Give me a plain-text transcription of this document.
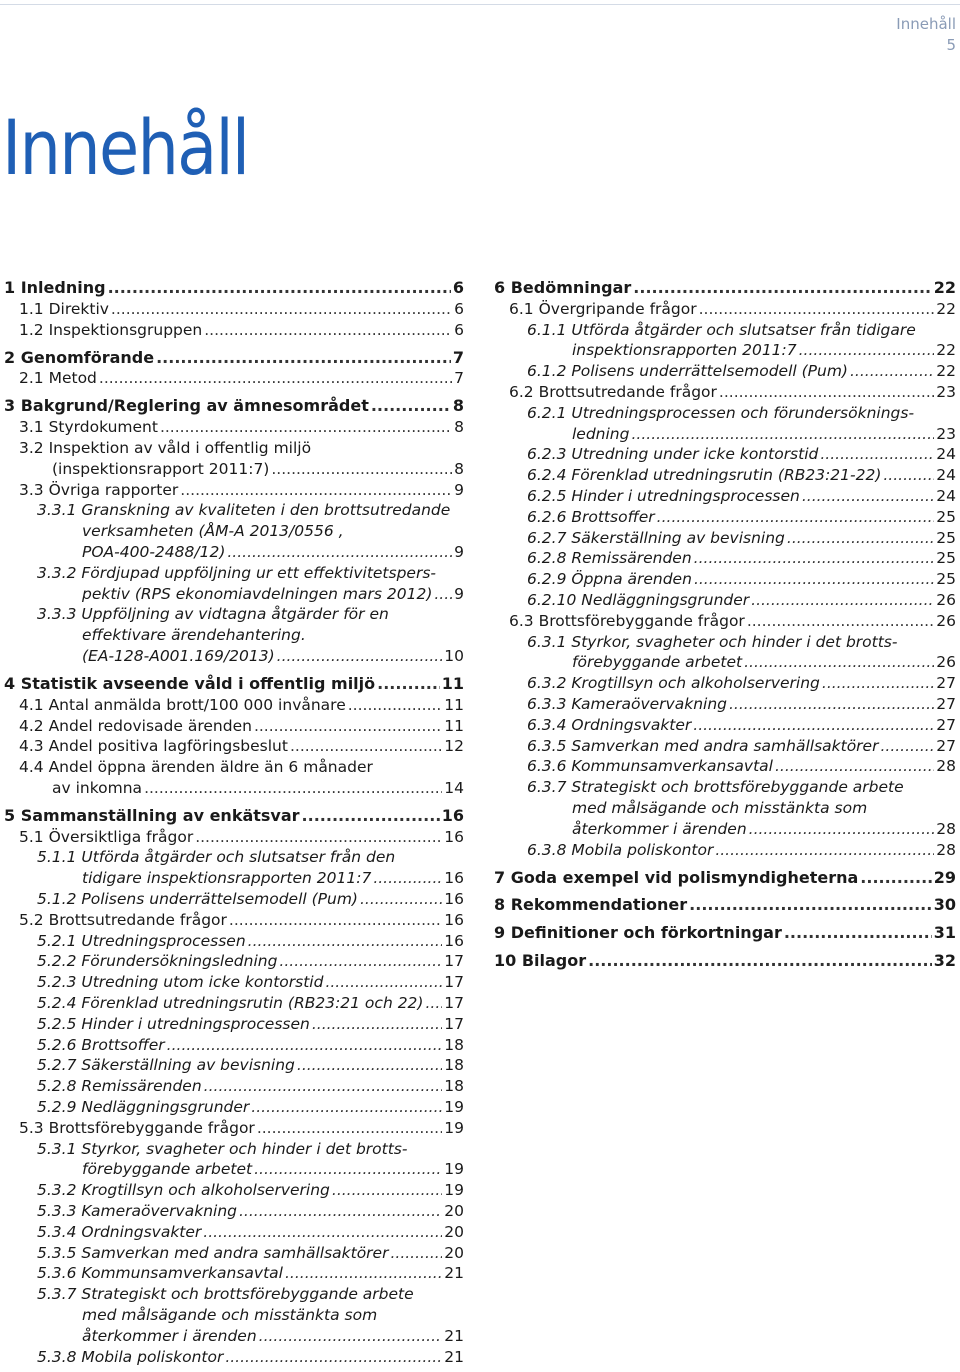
Innehåll
5
Innehåll
1 Inledning .....	6
1.1 Direktiv .....	6
1.2 Inspektionsgruppen .....	6
2 Genomförande .....	7
2.1 Metod .....	7
3 Bakgrund/Reglering av ämnesområdet .....	8
3.1 Styrdokument .....	8
3.2 Inspektion av våld i offentlig miljö
(inspektionsrapport 2011:7) .....	8
3.3 Övriga rapporter .....	9
3.3.1 Granskning av kvaliteten i den brottsutredande
verksamheten (ÅM-A 2013/0556 ,
POA-400-2488/12) .....	9
3.3.2 Fördjupad uppföljning ur ett effektivitetspers-
pektiv (RPS ekonomiavdelningen mars 2012) ..... 9
3.3.3 Uppföljning av vidtagna åtgärder för en
effektivare ärendehantering.
(EA-128-A001.169/2013) .....	10
4 Statistik avseende våld i offentlig miljö .....	11
4.1 Antal anmälda brott/100 000 invånare .....	11
4.2 Andel redovisade ärenden .....	11
4.3 Andel positiva lagföringsbeslut .....	12
4.4 Andel öppna ärenden äldre än 6 månader
av inkomna .....	14
5 Sammanställning av enkätsvar .....	16
5.1 Översiktliga frågor .....	16
5.1.1 Utförda åtgärder och slutsatser från den
tidigare inspektionsrapporten 2011:7 .....	16
5.1.2 Polisens underrättelsemodell (Pum) .....	16
5.2 Brottsutredande frågor .....	16
5.2.1 Utredningsprocessen .....	16
5.2.2 Förundersökningsledning .....	17
5.2.3 Utredning utom icke kontorstid .....	17
5.2.4 Förenklad utredningsrutin (RB23:21 och 22) ..... 17
5.2.5 Hinder i utredningsprocessen .....	17
5.2.6 Brottsoffer .....	18
5.2.7 Säkerställning av bevisning .....	18
5.2.8 Remissärenden .....	18
5.2.9 Nedläggningsgrunder .....	19
5.3 Brottsförebyggande frågor .....	19
5.3.1 Styrkor, svagheter och hinder i det brotts-
förebyggande arbetet .....	19
5.3.2 Krogtillsyn och alkoholservering .....	19
5.3.3 Kameraövervakning .....	20
5.3.4 Ordningsvakter .....	20
5.3.5 Samverkan med andra samhällsaktörer .....	20
5.3.6 Kommunsamverkansavtal .....	21
5.3.7 Strategiskt och brottsförebyggande arbete
med målsägande och misstänkta som
återkommer i ärenden .....	21
5.3.8 Mobila poliskontor .....	21
6 Bedömningar .....	22
6.1 Övergripande frågor .....	22
6.1.1 Utförda åtgärder och slutsatser från tidigare
inspektionsrapporten 2011:7 .....	22
6.1.2 Polisens underrättelsemodell (Pum) .....	22
6.2 Brottsutredande frågor .....	23
6.2.1 Utredningsprocessen och förundersöknings-
ledning .....	23
6.2.3 Utredning under icke kontorstid .....	24
6.2.4 Förenklad utredningsrutin (RB23:21-22) .....	24
6.2.5 Hinder i utredningsprocessen .....	24
6.2.6 Brottsoffer .....	25
6.2.7 Säkerställning av bevisning .....	25
6.2.8 Remissärenden .....	25
6.2.9 Öppna ärenden .....	25
6.2.10 Nedläggningsgrunder .....	26
6.3 Brottsförebyggande frågor .....	26
6.3.1 Styrkor, svagheter och hinder i det brotts-
förebyggande arbetet .....	26
6.3.2 Krogtillsyn och alkoholservering .....	27
6.3.3 Kameraövervakning .....	27
6.3.4 Ordningsvakter .....	27
6.3.5 Samverkan med andra samhällsaktörer .....	27
6.3.6 Kommunsamverkansavtal .....	28
6.3.7 Strategiskt och brottsförebyggande arbete
med målsägande och misstänkta som
återkommer i ärenden .....	28
6.3.8 Mobila poliskontor .....	28
7 Goda exempel vid polismyndigheterna .....	29
8 Rekommendationer .....	30
9 Definitioner och förkortningar .....	31
10 Bilagor .....	32
